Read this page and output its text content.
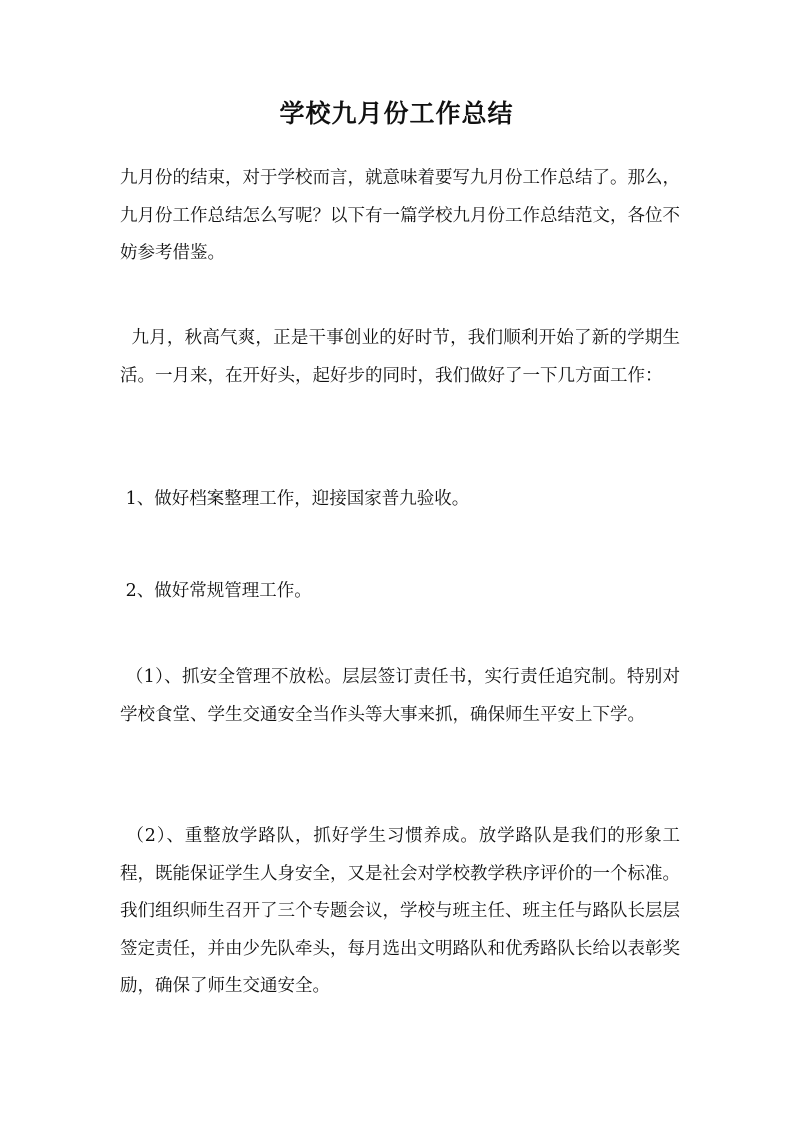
学校九月份工作总结

九月份的结束，对于学校而言，就意味着要写九月份工作总结了。那么，九月份工作总结怎么写呢？以下有一篇学校九月份工作总结范文，各位不妨参考借鉴。

九月，秋高气爽，正是干事创业的好时节，我们顺利开始了新的学期生活。一月来，在开好头，起好步的同时，我们做好了一下几方面工作：

1、做好档案整理工作，迎接国家普九验收。

2、做好常规管理工作。

（1）、抓安全管理不放松。层层签订责任书，实行责任追究制。特别对学校食堂、学生交通安全当作头等大事来抓，确保师生平安上下学。

（2）、重整放学路队，抓好学生习惯养成。放学路队是我们的形象工程，既能保证学生人身安全，又是社会对学校教学秩序评价的一个标准。我们组织师生召开了三个专题会议，学校与班主任、班主任与路队长层层签定责任，并由少先队牵头，每月选出文明路队和优秀路队长给以表彰奖励，确保了师生交通安全。
